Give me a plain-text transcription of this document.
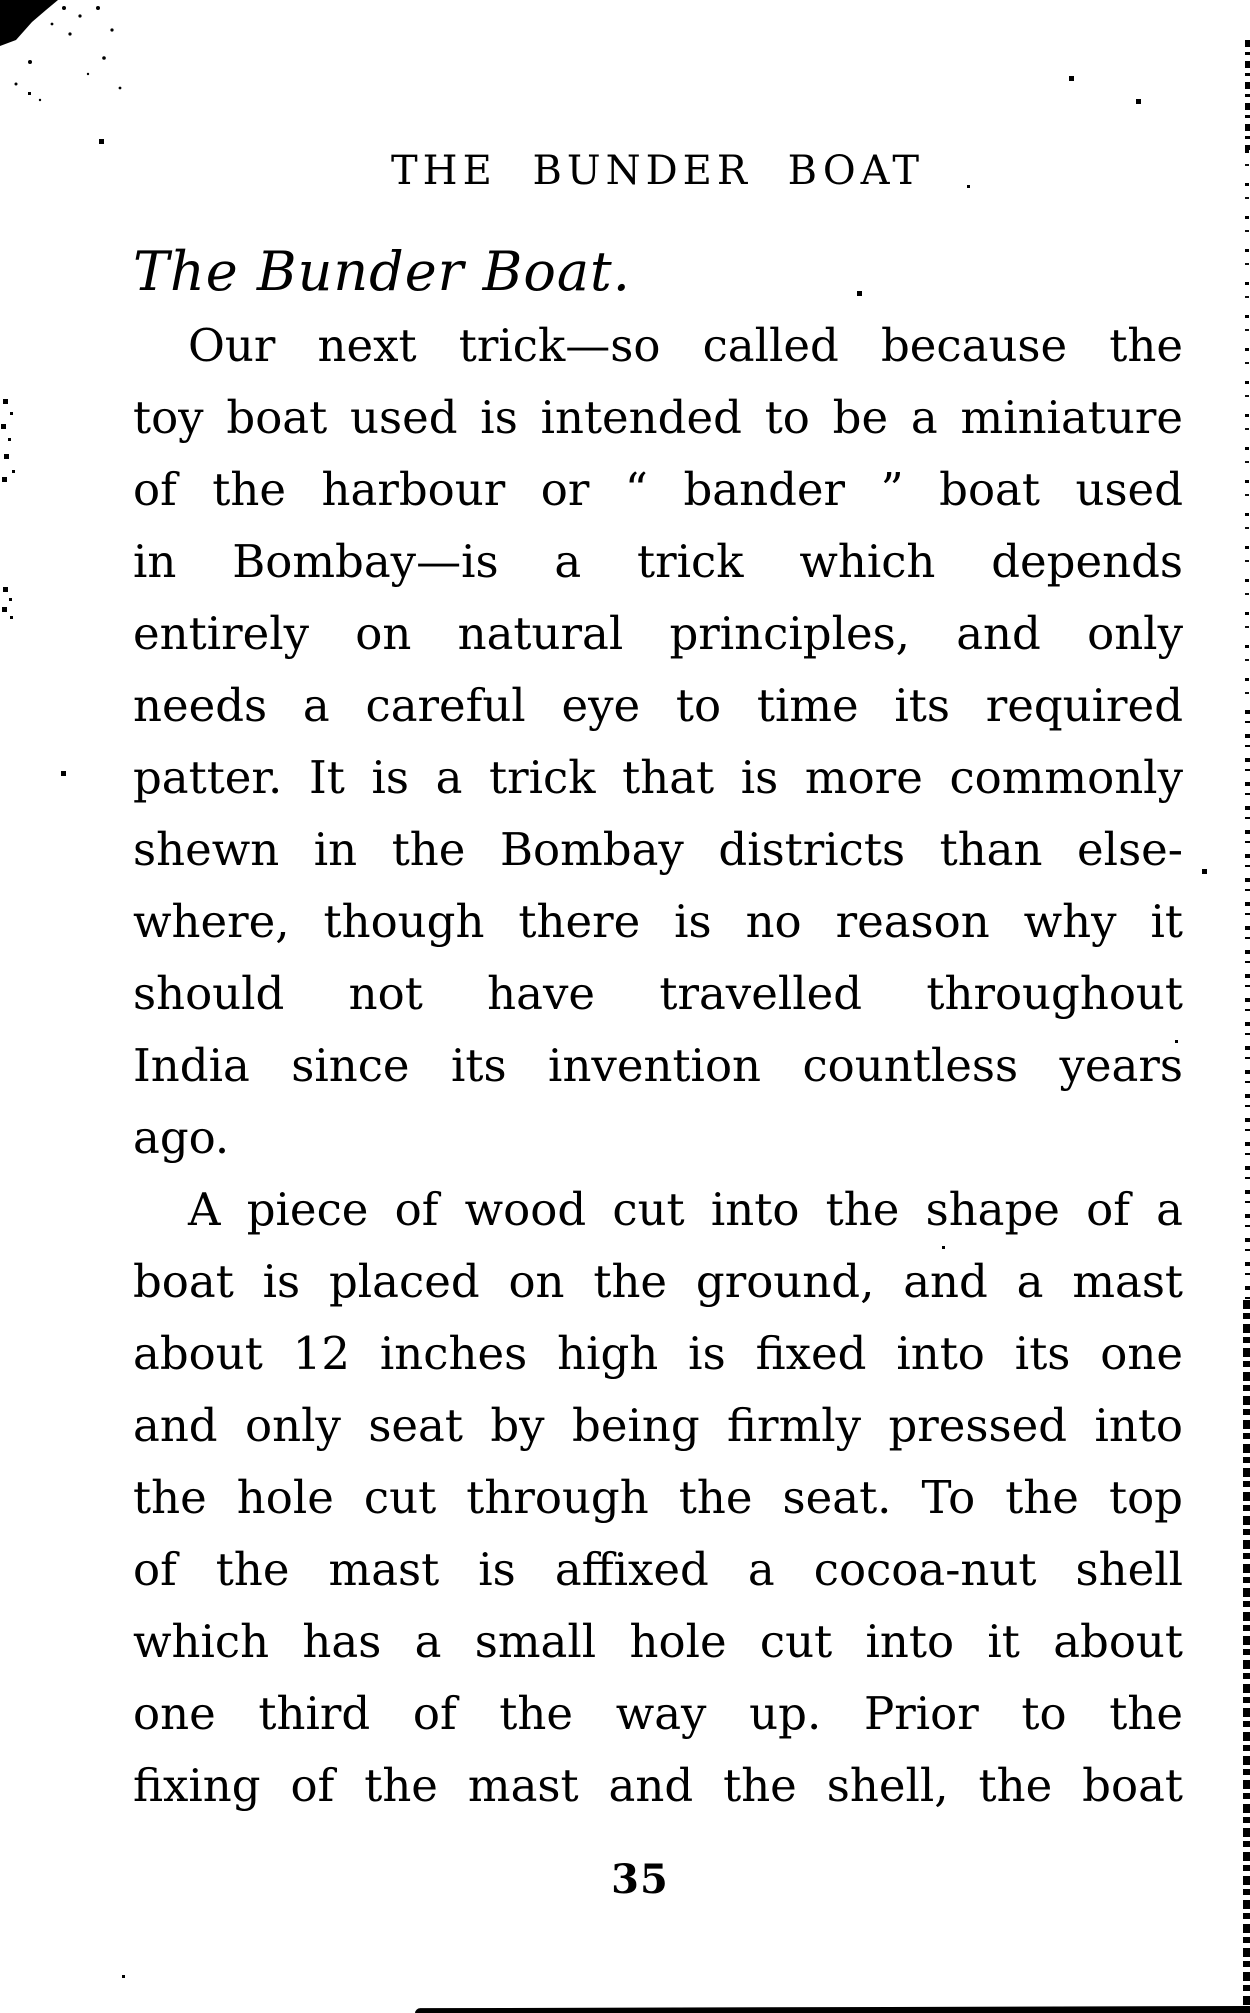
THE BUNDER BOAT
The Bunder Boat.
Our next trick—so called because the
toy boat used is intended to be a miniature
of the harbour or “ bander ” boat used
in Bombay—is a trick which depends
entirely on natural principles, and only
needs a careful eye to time its required
patter. It is a trick that is more commonly
shewn in the Bombay districts than else-
where, though there is no reason why it
should not have travelled throughout
India since its invention countless years
ago.
A piece of wood cut into the shape of a
boat is placed on the ground, and a mast
about 12 inches high is fixed into its one
and only seat by being firmly pressed into
the hole cut through the seat. To the top
of the mast is affixed a cocoa-nut shell
which has a small hole cut into it about
one third of the way up. Prior to the
fixing of the mast and the shell, the boat
35
